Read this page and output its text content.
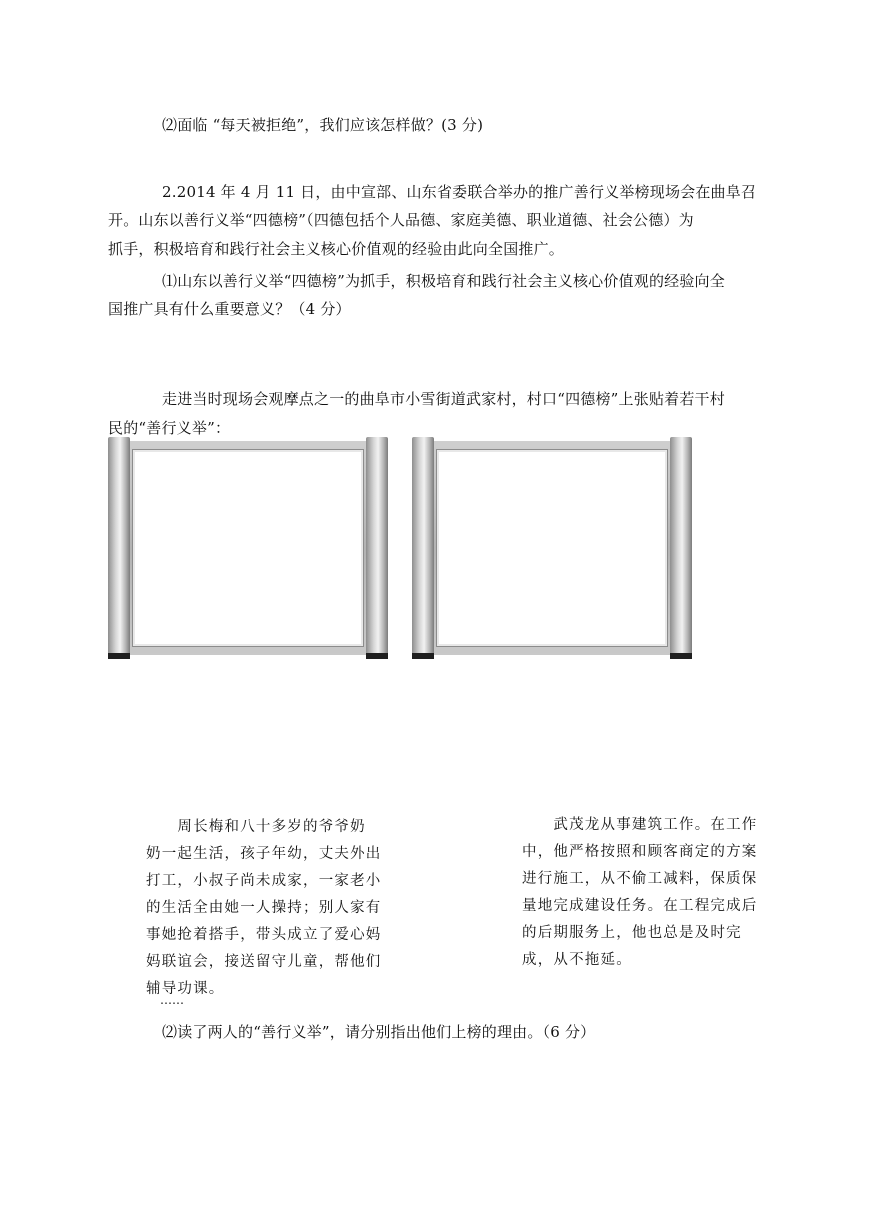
⑵面临 “每天被拒绝”，我们应该怎样做？(3 分)
2.2014 年 4 月 11 日，由中宣部、山东省委联合举办的推广善行义举榜现场会在曲阜召
开。山东以善行义举“四德榜”（四德包括个人品德、家庭美德、职业道德、社会公德）为
抓手，积极培育和践行社会主义核心价值观的经验由此向全国推广。
⑴山东以善行义举“四德榜”为抓手，积极培育和践行社会主义核心价值观的经验向全
国推广具有什么重要意义？（4 分）
走进当时现场会观摩点之一的曲阜市小雪街道武家村，村口“四德榜”上张贴着若干村
民的“善行义举”：
　　周长梅和八十多岁的爷爷奶
奶一起生活，孩子年幼，丈夫外出
打工，小叔子尚未成家，一家老小
的生活全由她一人操持；别人家有
事她抢着搭手，带头成立了爱心妈
妈联谊会，接送留守儿童，帮他们
辅导功课。
……
　　武茂龙从事建筑工作。在工作
中，他严格按照和顾客商定的方案
进行施工，从不偷工减料，保质保
量地完成建设任务。在工程完成后
的后期服务上，他也总是及时完
成，从不拖延。
⑵读了两人的“善行义举”，请分别指出他们上榜的理由。（6 分）
